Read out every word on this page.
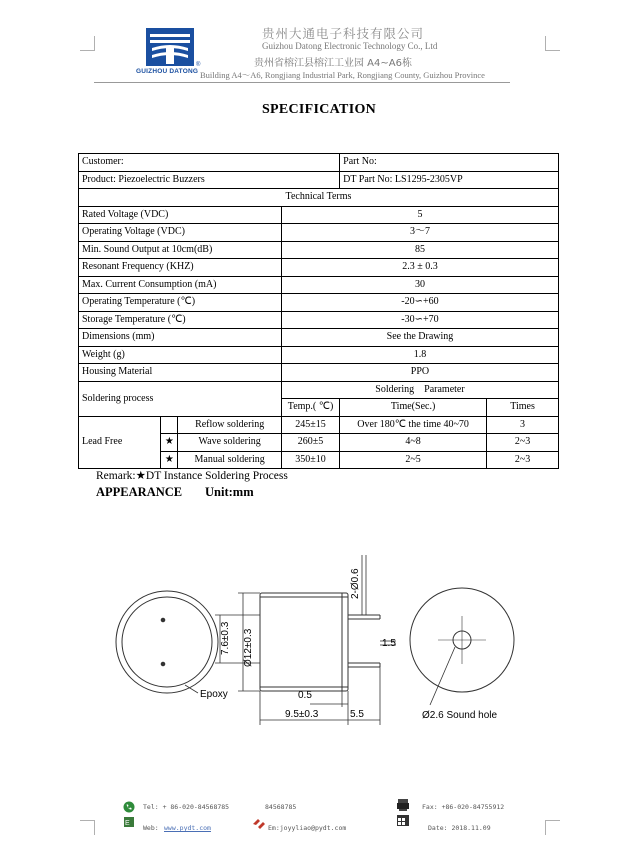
GUIZHOU DATONG
®
贵州大通电子科技有限公司
Guizhou Datong Electronic Technology Co., Ltd
贵州省榕江县榕江工业园 A4~A6栋
Building A4～A6, Rongjiang Industrial Park, Rongjiang County, Guizhou Province
SPECIFICATION
Customer:				Part No:	
Product: Piezoelectric Buzzers				DT Part No: LS1295-2305VP	
Technical Terms					
Rated Voltage (VDC)			5		
Operating Voltage (VDC)			3～7		
Min. Sound Output at 10cm(dB)			85		
Resonant Frequency (KHZ)			2.3 ± 0.3		
Max. Current Consumption (mA)			30		
Operating Temperature (℃)			-20∽+60		
Storage Temperature (℃)			-30∽+70		
Dimensions (mm)			See the Drawing		
Weight (g)			1.8		
Housing Material			PPO		
Soldering process			Soldering    Parameter		
			Temp.( ℃)	Time(Sec.)	Times
Lead Free		Reflow soldering	245±15	Over 180℃ the time 40~70	3
	★	Wave soldering	260±5	4~8	2~3
	★	Manual soldering	350±10	2~5	2~3
Remark:★DT Instance Soldering Process
APPEARANCE Unit:mm
Epoxy
7.6±0.3 Ø12±0.3
2-Ø0.6
1.5
0.5
9.5±0.3	5.5	Ø2.6 Sound hole
E
Tel: + 86-020-84568785	84568785
Web: www.pydt.com	Em:joyyliao@pydt.com
Fax: +86-020-84755912
Date: 2018.11.09
